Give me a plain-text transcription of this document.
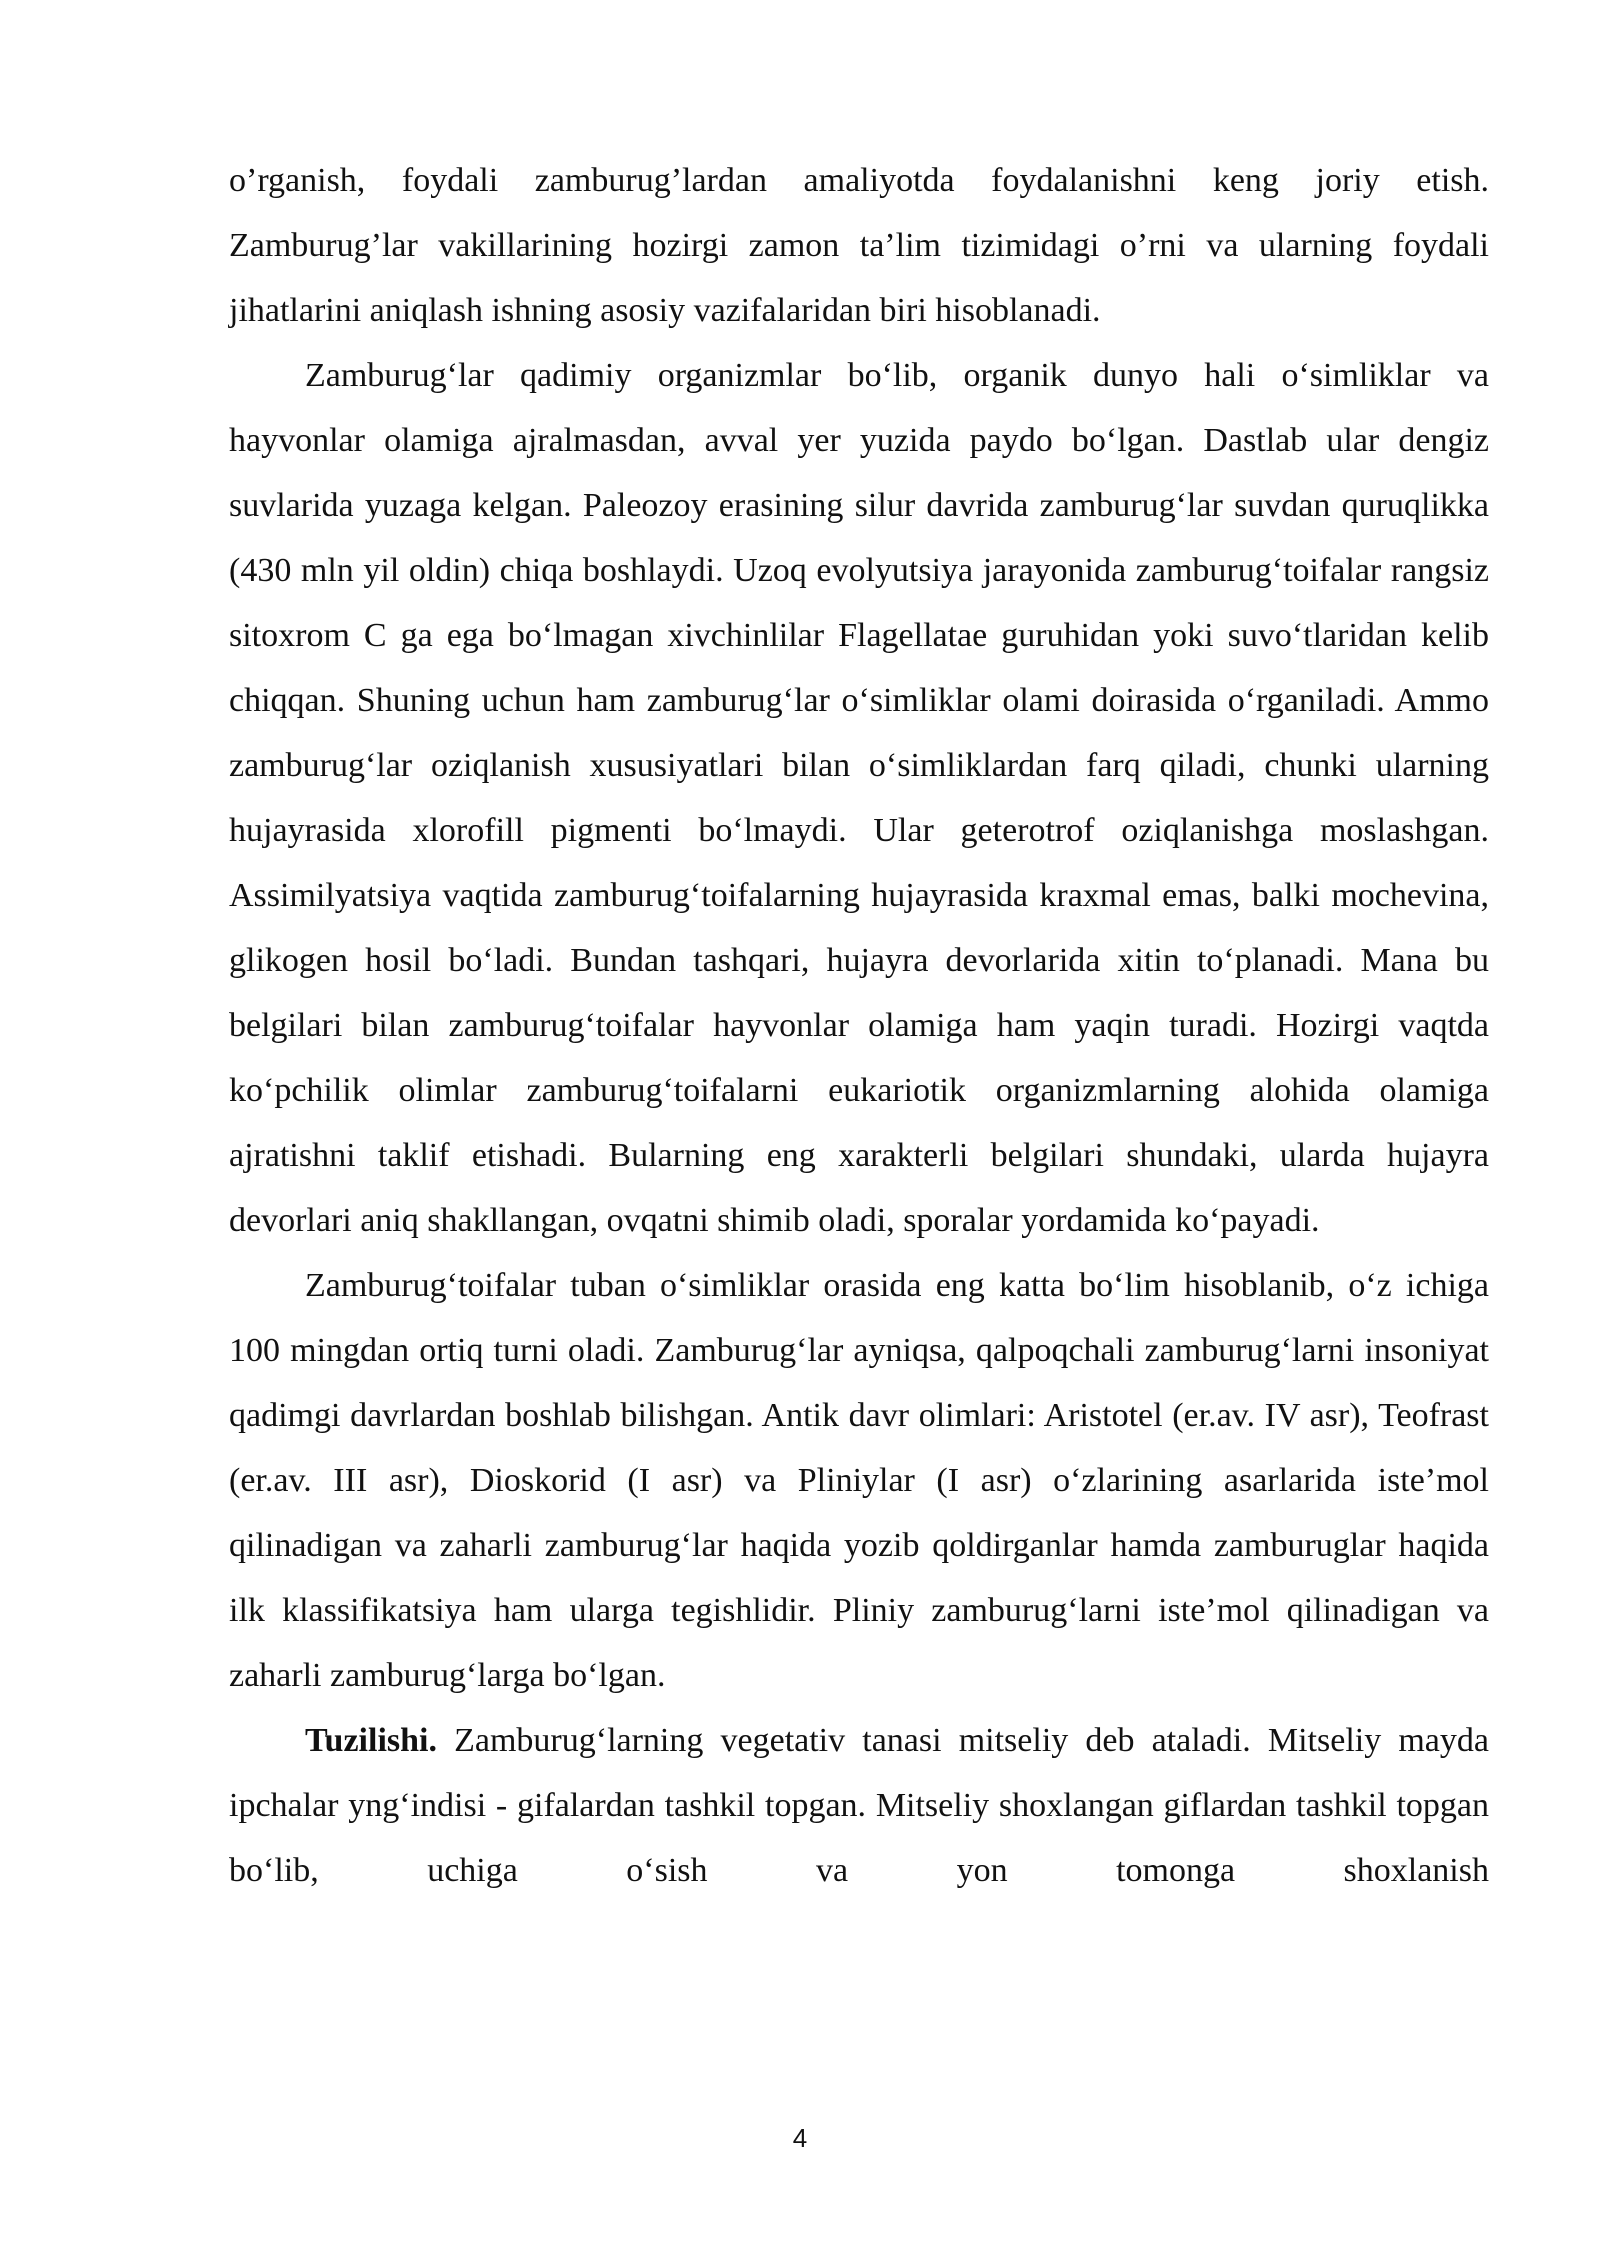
o’rganish, foydali zamburug’lardan amaliyotda foydalanishni keng joriy etish. Zamburug’lar vakillarining hozirgi zamon ta’lim tizimidagi o’rni va ularning foydali jihatlarini aniqlash ishning asosiy vazifalaridan biri hisoblanadi.

Zamburug‘lar qadimiy organizmlar bo‘lib, organik dunyo hali o‘simliklar va hayvonlar olamiga ajralmasdan, avval yer yuzida paydo bo‘lgan. Dastlab ular dengiz suvlarida yuzaga kelgan. Paleozoy erasining silur davrida zamburug‘lar suvdan quruqlikka (430 mln yil oldin) chiqa boshlaydi. Uzoq evolyutsiya jarayonida zamburug‘toifalar rangsiz sitoxrom C ga ega bo‘lmagan xivchinlilar Flagellatae guruhidan yoki suvo‘tlaridan kelib chiqqan. Shuning uchun ham zamburug‘lar o‘simliklar olami doirasida o‘rganiladi. Ammo zamburug‘lar oziqlanish xususiyatlari bilan o‘simliklardan farq qiladi, chunki ularning hujayrasida xlorofill pigmenti bo‘lmaydi. Ular geterotrof oziqlanishga moslashgan. Assimilyatsiya vaqtida zamburug‘toifalarning hujayrasida kraxmal emas, balki mochevina, glikogen hosil bo‘ladi. Bundan tashqari, hujayra devorlarida xitin to‘planadi. Mana bu belgilari bilan zamburug‘toifalar hayvonlar olamiga ham yaqin turadi. Hozirgi vaqtda ko‘pchilik olimlar zamburug‘toifalarni eukariotik organizmlarning alohida olamiga ajratishni taklif etishadi. Bularning eng xarakterli belgilari shundaki, ularda hujayra devorlari aniq shakllangan, ovqatni shimib oladi, sporalar yordamida ko‘payadi.

Zamburug‘toifalar tuban o‘simliklar orasida eng katta bo‘lim hisoblanib, o‘z ichiga 100 mingdan ortiq turni oladi. Zamburug‘lar ayniqsa, qalpoqchali zamburug‘larni insoniyat qadimgi davrlardan boshlab bilishgan. Antik davr olimlari: Aristotel (er.av. IV asr), Teofrast (er.av. III asr), Dioskorid (I asr) va Pliniylar (I asr) o‘zlarining asarlarida iste’mol qilinadigan va zaharli zamburug‘lar haqida yozib qoldirganlar hamda zamburuglar haqida ilk klassifikatsiya ham ularga tegishlidir. Pliniy zamburug‘larni iste’mol qilinadigan va zaharli zamburug‘larga bo‘lgan.

Tuzilishi. Zamburug‘larning vegetativ tanasi mitseliy deb ataladi. Mitseliy mayda ipchalar yng‘indisi - gifalardan tashkil topgan. Mitseliy shoxlangan giflardan tashkil topgan bo‘lib, uchiga o‘sish va yon tomonga shoxlanish

4
